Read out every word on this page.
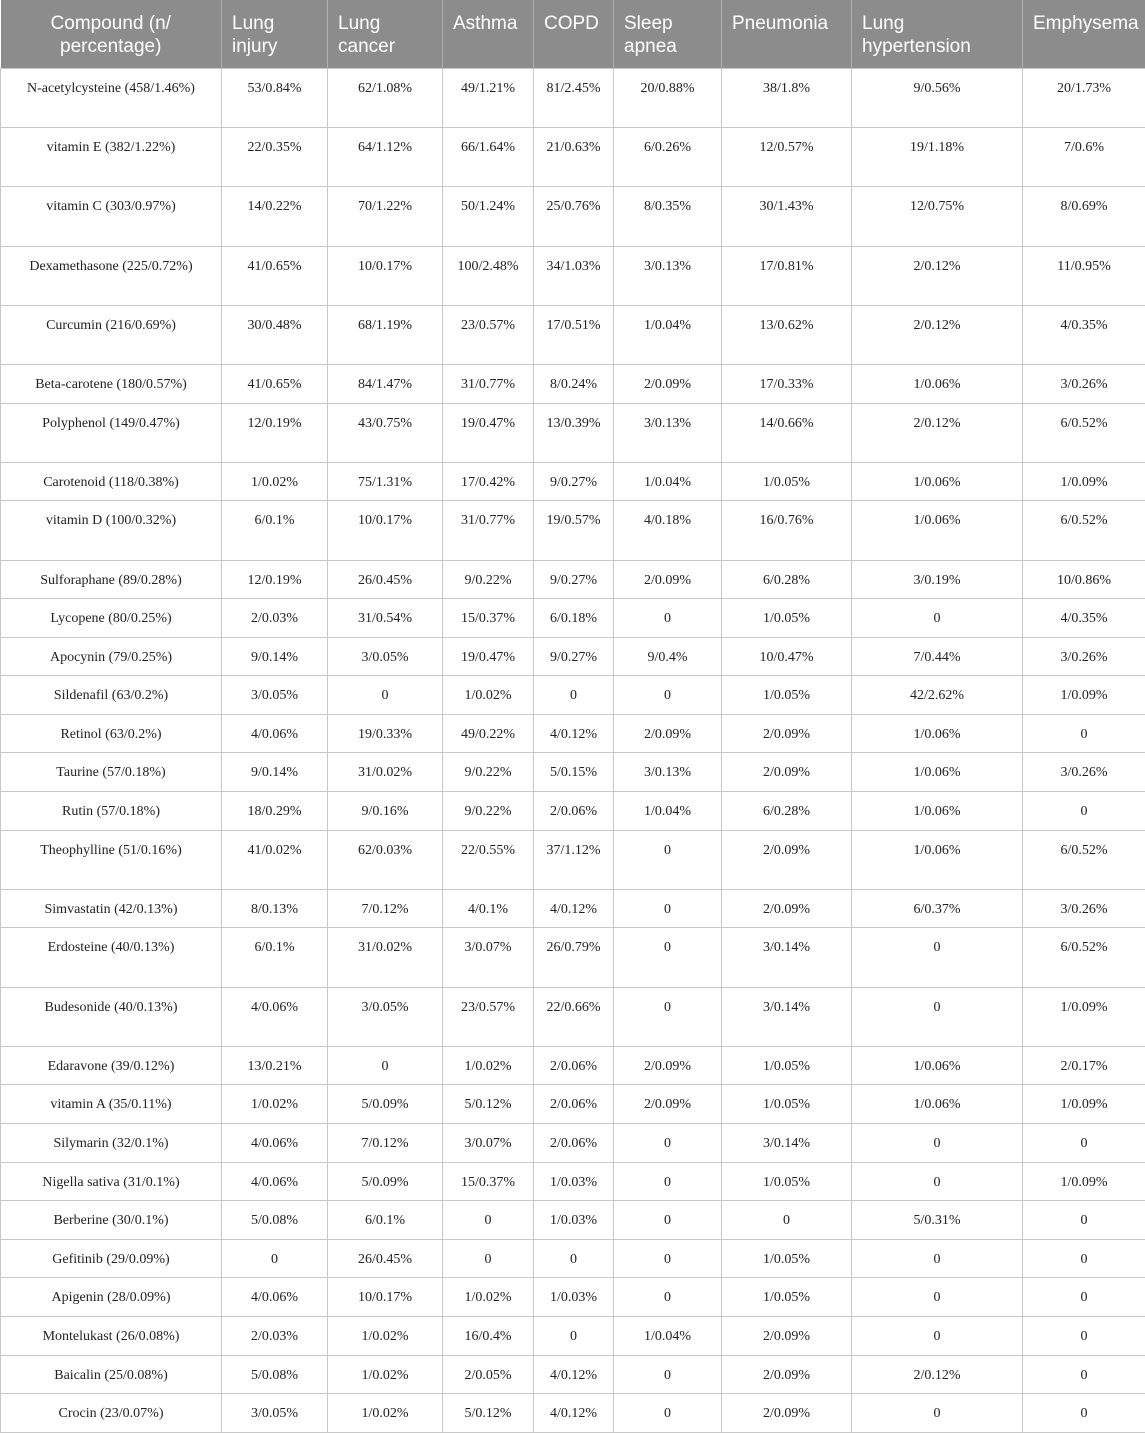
Compound (n/ percentage)	Lung injury	Lung cancer	Asthma	COPD	Sleep apnea	Pneumonia	Lung hypertension	Emphysema
N-acetylcysteine (458/1.46%)	53/0.84%	62/1.08%	49/1.21%	81/2.45%	20/0.88%	38/1.8%	9/0.56%	20/1.73%
vitamin E (382/1.22%)	22/0.35%	64/1.12%	66/1.64%	21/0.63%	6/0.26%	12/0.57%	19/1.18%	7/0.6%
vitamin C (303/0.97%)	14/0.22%	70/1.22%	50/1.24%	25/0.76%	8/0.35%	30/1.43%	12/0.75%	8/0.69%
Dexamethasone (225/0.72%)	41/0.65%	10/0.17%	100/2.48%	34/1.03%	3/0.13%	17/0.81%	2/0.12%	11/0.95%
Curcumin (216/0.69%)	30/0.48%	68/1.19%	23/0.57%	17/0.51%	1/0.04%	13/0.62%	2/0.12%	4/0.35%
Beta-carotene (180/0.57%)	41/0.65%	84/1.47%	31/0.77%	8/0.24%	2/0.09%	17/0.33%	1/0.06%	3/0.26%
Polyphenol (149/0.47%)	12/0.19%	43/0.75%	19/0.47%	13/0.39%	3/0.13%	14/0.66%	2/0.12%	6/0.52%
Carotenoid (118/0.38%)	1/0.02%	75/1.31%	17/0.42%	9/0.27%	1/0.04%	1/0.05%	1/0.06%	1/0.09%
vitamin D (100/0.32%)	6/0.1%	10/0.17%	31/0.77%	19/0.57%	4/0.18%	16/0.76%	1/0.06%	6/0.52%
Sulforaphane (89/0.28%)	12/0.19%	26/0.45%	9/0.22%	9/0.27%	2/0.09%	6/0.28%	3/0.19%	10/0.86%
Lycopene (80/0.25%)	2/0.03%	31/0.54%	15/0.37%	6/0.18%	0	1/0.05%	0	4/0.35%
Apocynin (79/0.25%)	9/0.14%	3/0.05%	19/0.47%	9/0.27%	9/0.4%	10/0.47%	7/0.44%	3/0.26%
Sildenafil (63/0.2%)	3/0.05%	0	1/0.02%	0	0	1/0.05%	42/2.62%	1/0.09%
Retinol (63/0.2%)	4/0.06%	19/0.33%	49/0.22%	4/0.12%	2/0.09%	2/0.09%	1/0.06%	0
Taurine (57/0.18%)	9/0.14%	31/0.02%	9/0.22%	5/0.15%	3/0.13%	2/0.09%	1/0.06%	3/0.26%
Rutin (57/0.18%)	18/0.29%	9/0.16%	9/0.22%	2/0.06%	1/0.04%	6/0.28%	1/0.06%	0
Theophylline (51/0.16%)	41/0.02%	62/0.03%	22/0.55%	37/1.12%	0	2/0.09%	1/0.06%	6/0.52%
Simvastatin (42/0.13%)	8/0.13%	7/0.12%	4/0.1%	4/0.12%	0	2/0.09%	6/0.37%	3/0.26%
Erdosteine (40/0.13%)	6/0.1%	31/0.02%	3/0.07%	26/0.79%	0	3/0.14%	0	6/0.52%
Budesonide (40/0.13%)	4/0.06%	3/0.05%	23/0.57%	22/0.66%	0	3/0.14%	0	1/0.09%
Edaravone (39/0.12%)	13/0.21%	0	1/0.02%	2/0.06%	2/0.09%	1/0.05%	1/0.06%	2/0.17%
vitamin A (35/0.11%)	1/0.02%	5/0.09%	5/0.12%	2/0.06%	2/0.09%	1/0.05%	1/0.06%	1/0.09%
Silymarin (32/0.1%)	4/0.06%	7/0.12%	3/0.07%	2/0.06%	0	3/0.14%	0	0
Nigella sativa (31/0.1%)	4/0.06%	5/0.09%	15/0.37%	1/0.03%	0	1/0.05%	0	1/0.09%
Berberine (30/0.1%)	5/0.08%	6/0.1%	0	1/0.03%	0	0	5/0.31%	0
Gefitinib (29/0.09%)	0	26/0.45%	0	0	0	1/0.05%	0	0
Apigenin (28/0.09%)	4/0.06%	10/0.17%	1/0.02%	1/0.03%	0	1/0.05%	0	0
Montelukast (26/0.08%)	2/0.03%	1/0.02%	16/0.4%	0	1/0.04%	2/0.09%	0	0
Baicalin (25/0.08%)	5/0.08%	1/0.02%	2/0.05%	4/0.12%	0	2/0.09%	2/0.12%	0
Crocin (23/0.07%)	3/0.05%	1/0.02%	5/0.12%	4/0.12%	0	2/0.09%	0	0
